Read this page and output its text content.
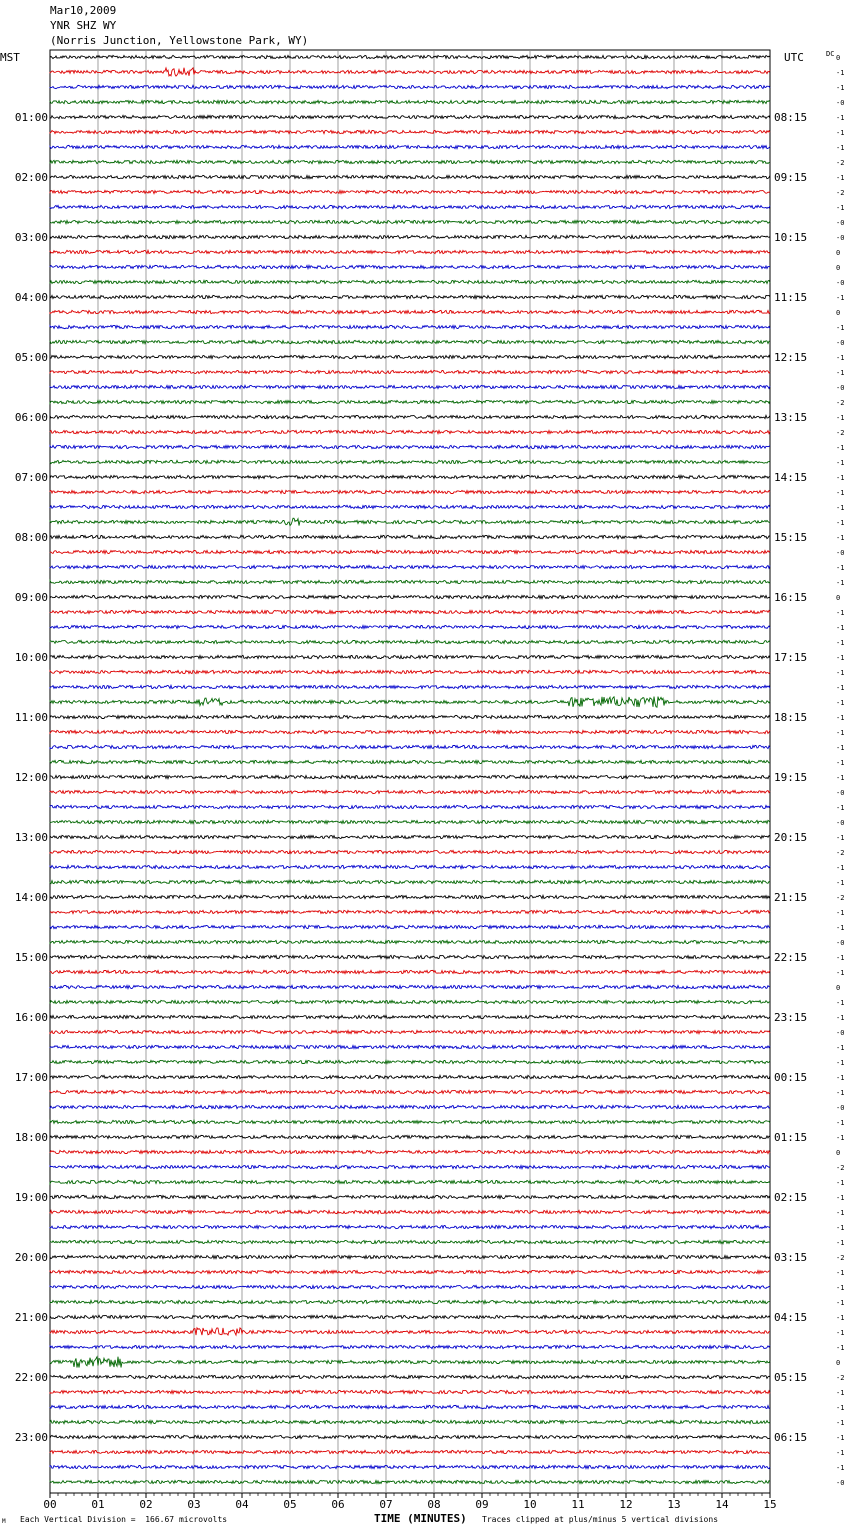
Mar10,2009
YNR SHZ WY
(Norris Junction, Yellowstone Park, WY)
0
-1
-1
-0
-1
-1
-1
-2
-1
-2
-1
-0
-0
0
0
-0
-1
0
-1
-0
-1
-1
-0
-2
-1
-2
-1
-1
-1
-1
-1
-1
-1
-0
-1
-1
0
-1
-1
-1
-1
-1
-1
-1
-1
-1
-1
-1
-1
-0
-1
-0
-1
-2
-1
-1
-2
-1
-1
-0
-1
-1
0
-1
-1
-0
-1
-1
-1
-1
-0
-1
-1
0
-2
-1
-1
-1
-1
-1
-2
-1
-1
-1
-1
-1
-1
0
-2
-1
-1
-1
-1
-1
-1
-0
01:00	08:15
02:00	09:15
03:00	10:15
04:00	11:15
05:00	12:15
06:00	13:15
07:00	14:15
08:00	15:15
09:00	16:15
10:00	17:15
11:00	18:15
12:00	19:15
13:00	20:15
14:00	21:15
15:00	22:15
16:00	23:15
17:00	00:15
18:00	01:15
19:00	02:15
20:00	03:15
21:00	04:15
22:00	05:15
23:00	06:15
MST	UTC	DC
00	01	02	03	04	05	06	07	08	09	10	11	12	13	14	15
M Each Vertical Division =  166.67 microvolts	TIME (MINUTES) Traces clipped at plus/minus 5 vertical divisions
